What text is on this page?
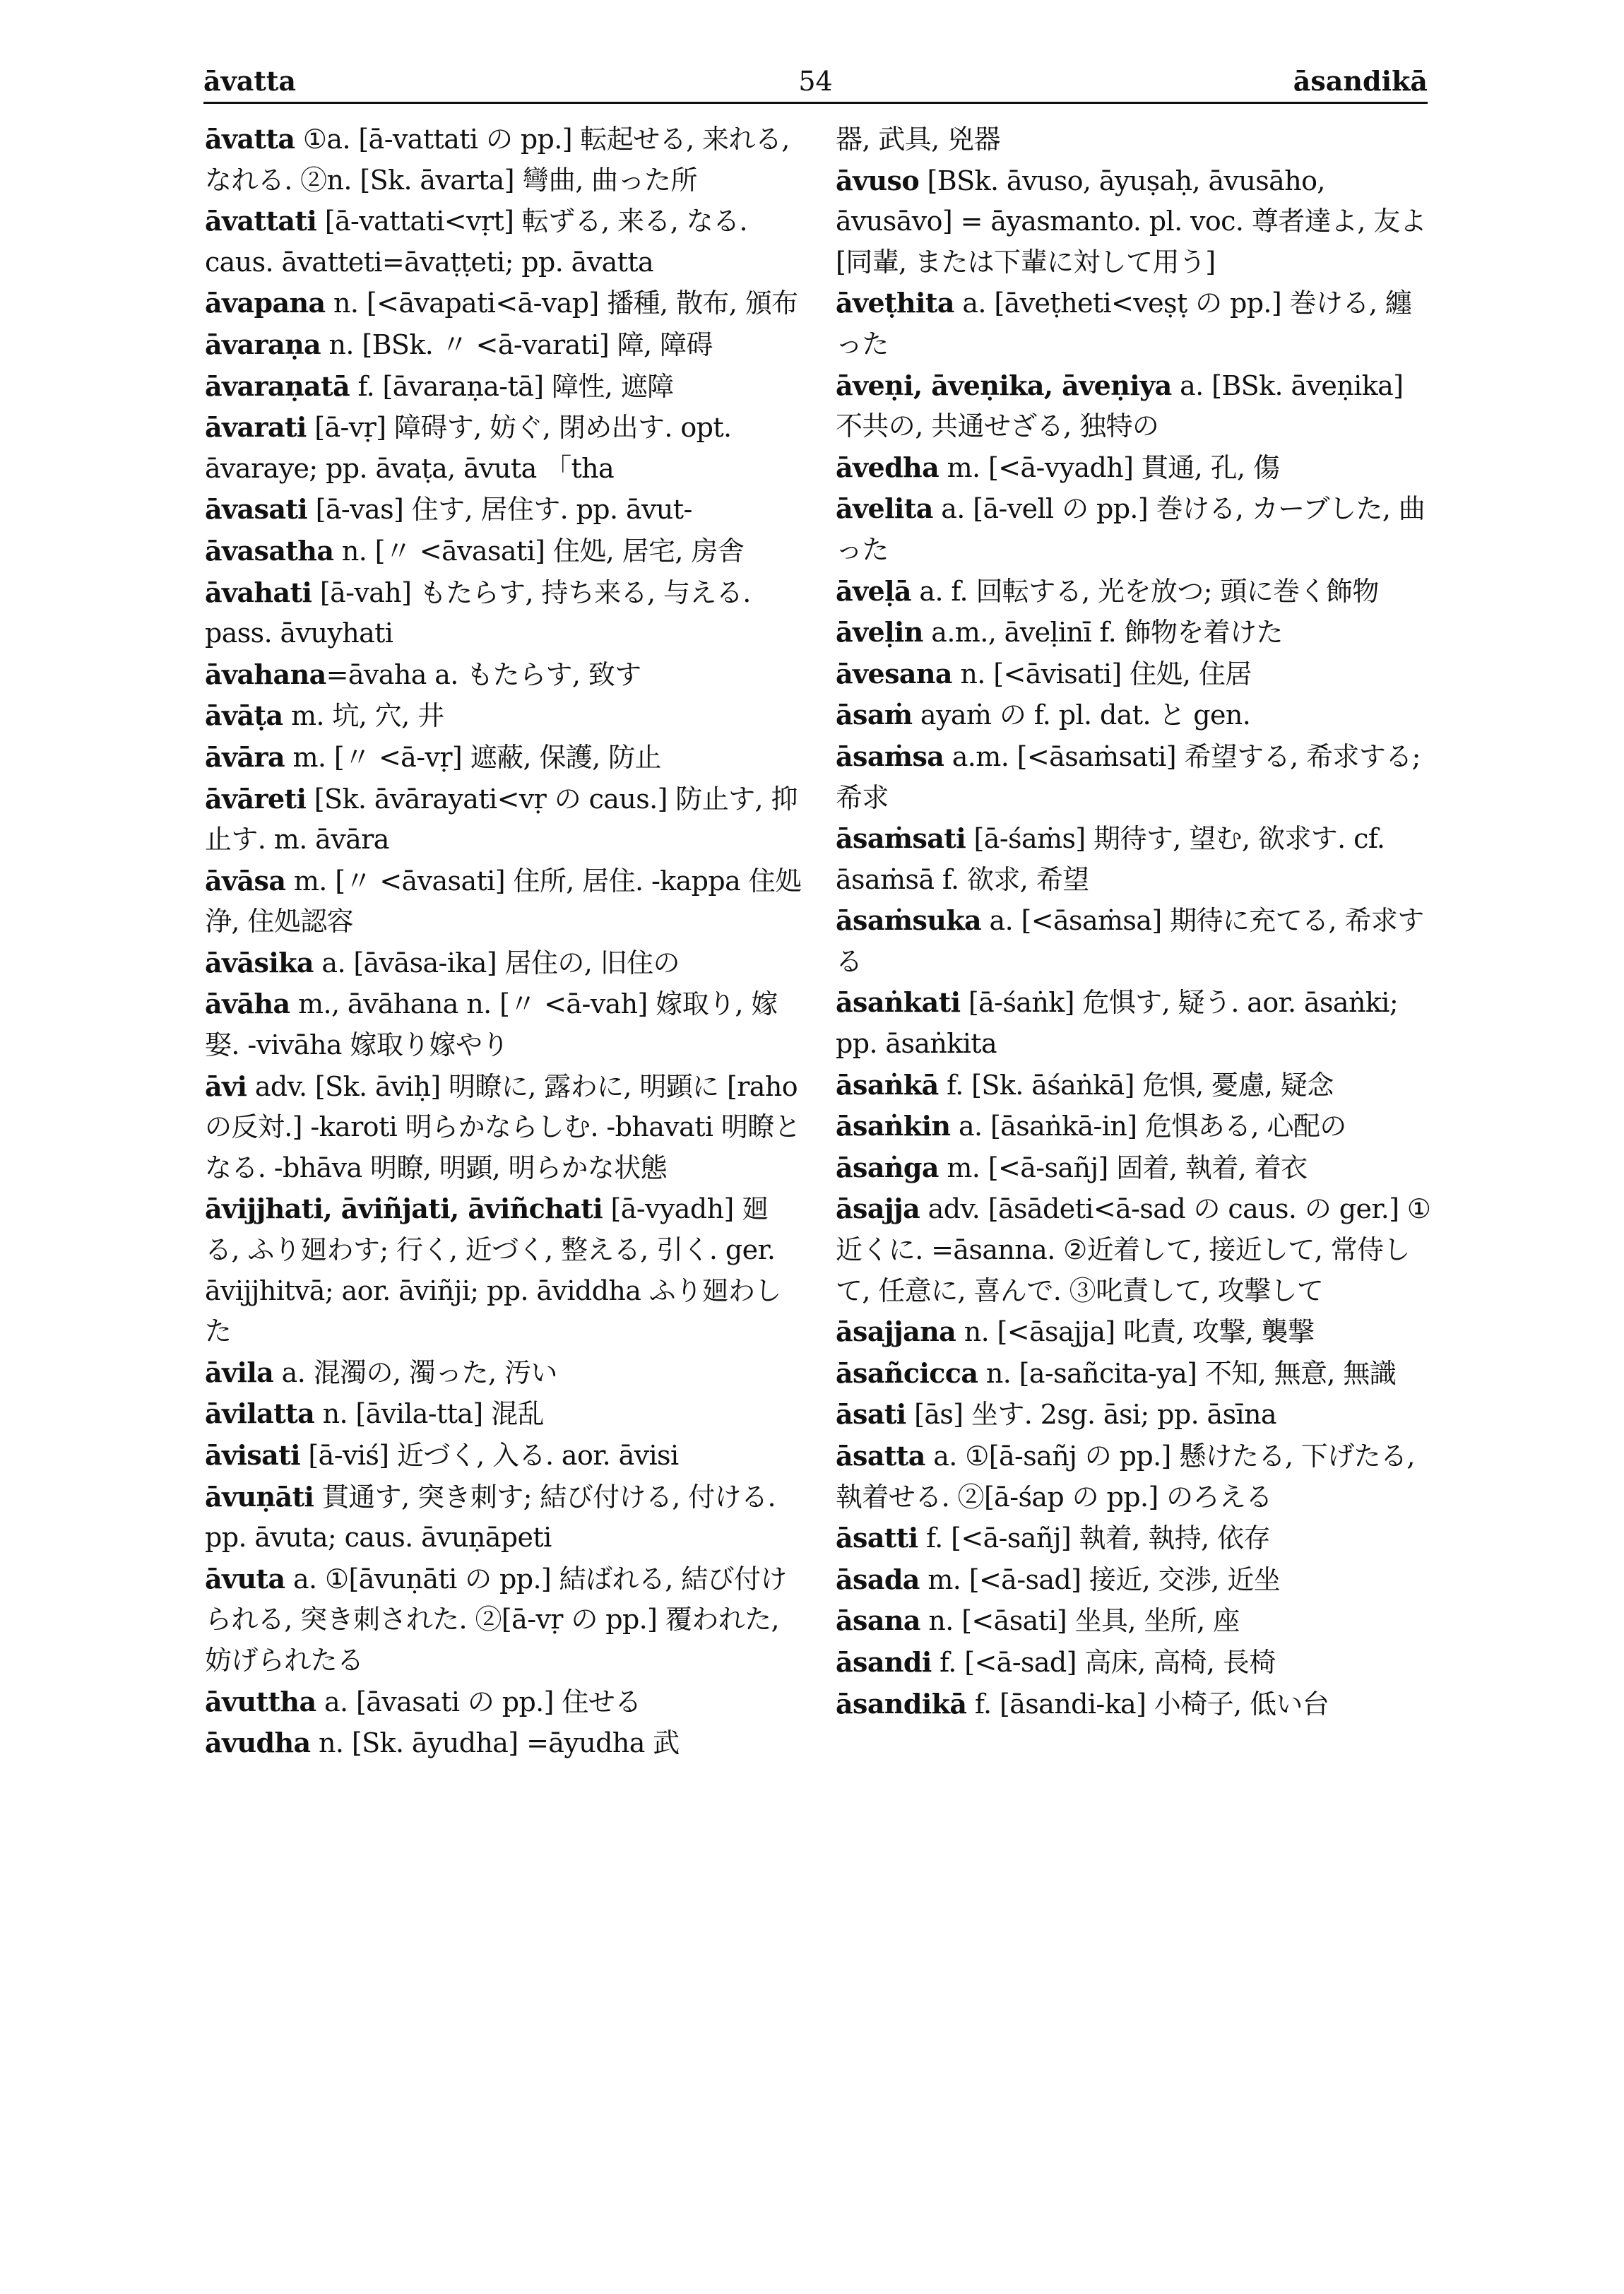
āvatta	54	āsandikā

āvatta ①a. [ā-vattati の pp.] 転起せる, 来れる, なれる. ②n. [Sk. āvarta] 彎曲, 曲った所

āvattati [ā-vattati<vṛt] 転ずる, 来る, なる. caus. āvatteti=āvaṭṭeti; pp. āvatta

āvapana n. [<āvapati<ā-vap] 播種, 散布, 頒布

āvaraṇa n. [BSk. 〃 <ā-varati] 障, 障碍

āvaraṇatā f. [āvaraṇa-tā] 障性, 遮障

āvarati [ā-vṛ] 障碍す, 妨ぐ, 閉め出す. opt. āvaraye; pp. āvaṭa, āvuta 「tha

āvasati [ā-vas] 住す, 居住す. pp. āvut-

āvasatha n. [〃 <āvasati] 住処, 居宅, 房舎

āvahati [ā-vah] もたらす, 持ち来る, 与える. pass. āvuyhati

āvahana=āvaha a. もたらす, 致す

āvāṭa m. 坑, 穴, 井

āvāra m. [〃 <ā-vṛ] 遮蔽, 保護, 防止

āvāreti [Sk. āvārayati<vṛ の caus.] 防止す, 抑止す. m. āvāra

āvāsa m. [〃 <āvasati] 住所, 居住. -kappa 住処浄, 住処認容

āvāsika a. [āvāsa-ika] 居住の, 旧住の

āvāha m., āvāhana n. [〃 <ā-vah] 嫁取り, 嫁娶. -vivāha 嫁取り嫁やり

āvi adv. [Sk. āviḥ] 明瞭に, 露わに, 明顕に [raho の反対.] -karoti 明らかならしむ. -bhavati 明瞭となる. -bhāva 明瞭, 明顕, 明らかな状態

āvijjhati, āviñjati, āviñchati [ā-vyadh] 廻る, ふり廻わす; 行く, 近づく, 整える, 引く. ger. āvijjhitvā; aor. āviñji; pp. āviddha ふり廻わした

āvila a. 混濁の, 濁った, 汚い

āvilatta n. [āvila-tta] 混乱

āvisati [ā-viś] 近づく, 入る. aor. āvisi

āvuṇāti 貫通す, 突き刺す; 結び付ける, 付ける. pp. āvuta; caus. āvuṇāpeti

āvuta a. ①[āvuṇāti の pp.] 結ばれる, 結び付けられる, 突き刺された. ②[ā-vṛ の pp.] 覆われた, 妨げられたる

āvuttha a. [āvasati の pp.] 住せる

āvudha n. [Sk. āyudha] =āyudha 武

器, 武具, 兇器

āvuso [BSk. āvuso, āyuṣaḥ, āvusāho, āvusāvo] = āyasmanto. pl. voc. 尊者達よ, 友よ [同輩, または下輩に対して用う]

āveṭhita a. [āveṭheti<veṣṭ の pp.] 巻ける, 纏った

āveṇi, āveṇika, āveṇiya a. [BSk. āveṇika] 不共の, 共通せざる, 独特の

āvedha m. [<ā-vyadh] 貫通, 孔, 傷

āvelita a. [ā-vell の pp.] 巻ける, カーブした, 曲った

āveḷā a. f. 回転する, 光を放つ; 頭に巻く飾物

āveḷin a.m., āveḷinī f. 飾物を着けた

āvesana n. [<āvisati] 住処, 住居

āsaṁ ayaṁ の f. pl. dat. と gen.

āsaṁsa a.m. [<āsaṁsati] 希望する, 希求する; 希求

āsaṁsati [ā-śaṁs] 期待す, 望む, 欲求す. cf. āsaṁsā f. 欲求, 希望

āsaṁsuka a. [<āsaṁsa] 期待に充てる, 希求する

āsaṅkati [ā-śaṅk] 危惧す, 疑う. aor. āsaṅki; pp. āsaṅkita

āsaṅkā f. [Sk. āśaṅkā] 危惧, 憂慮, 疑念

āsaṅkin a. [āsaṅkā-in] 危惧ある, 心配の

āsaṅga m. [<ā-sañj] 固着, 執着, 着衣

āsajja adv. [āsādeti<ā-sad の caus. の ger.] ①近くに. =āsanna. ②近着して, 接近して, 常侍して, 任意に, 喜んで. ③叱責して, 攻撃して

āsajjana n. [<āsajja] 叱責, 攻撃, 襲撃

āsañcicca n. [a-sañcita-ya] 不知, 無意, 無識

āsati [ās] 坐す. 2sg. āsi; pp. āsīna

āsatta a. ①[ā-sañj の pp.] 懸けたる, 下げたる, 執着せる. ②[ā-śap の pp.] のろえる

āsatti f. [<ā-sañj] 執着, 執持, 依存

āsada m. [<ā-sad] 接近, 交渉, 近坐

āsana n. [<āsati] 坐具, 坐所, 座

āsandi f. [<ā-sad] 高床, 高椅, 長椅

āsandikā f. [āsandi-ka] 小椅子, 低い台
